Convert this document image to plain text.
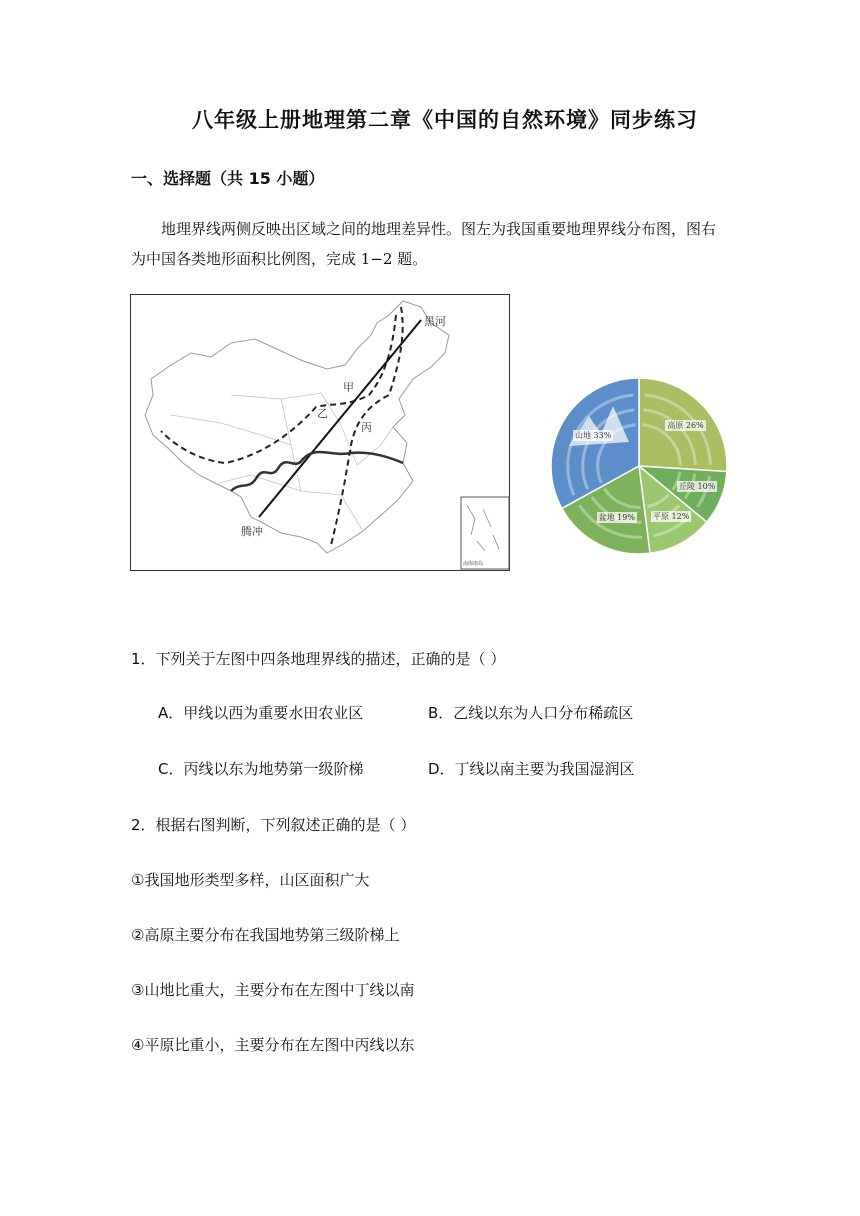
八年级上册地理第二章《中国的自然环境》同步练习
一、选择题（共 15 小题）

地理界线两侧反映出区域之间的地理差异性。图左为我国重要地理界线分布图，图右为中国各类地形面积比例图，完成 1−2 题。

黑河
甲
乙
丙
腾冲
南海诸岛
高原 26%
丘陵 10%
平原 12%
盆地 19%
山地 33%

1．下列关于左图中四条地理界线的描述，正确的是（ ）

A．甲线以西为重要水田农业区	B．乙线以东为人口分布稀疏区

C．丙线以东为地势第一级阶梯	D．丁线以南主要为我国湿润区

2．根据右图判断，下列叙述正确的是（ ）

①我国地形类型多样，山区面积广大

②高原主要分布在我国地势第三级阶梯上

③山地比重大，主要分布在左图中丁线以南

④平原比重小，主要分布在左图中丙线以东
